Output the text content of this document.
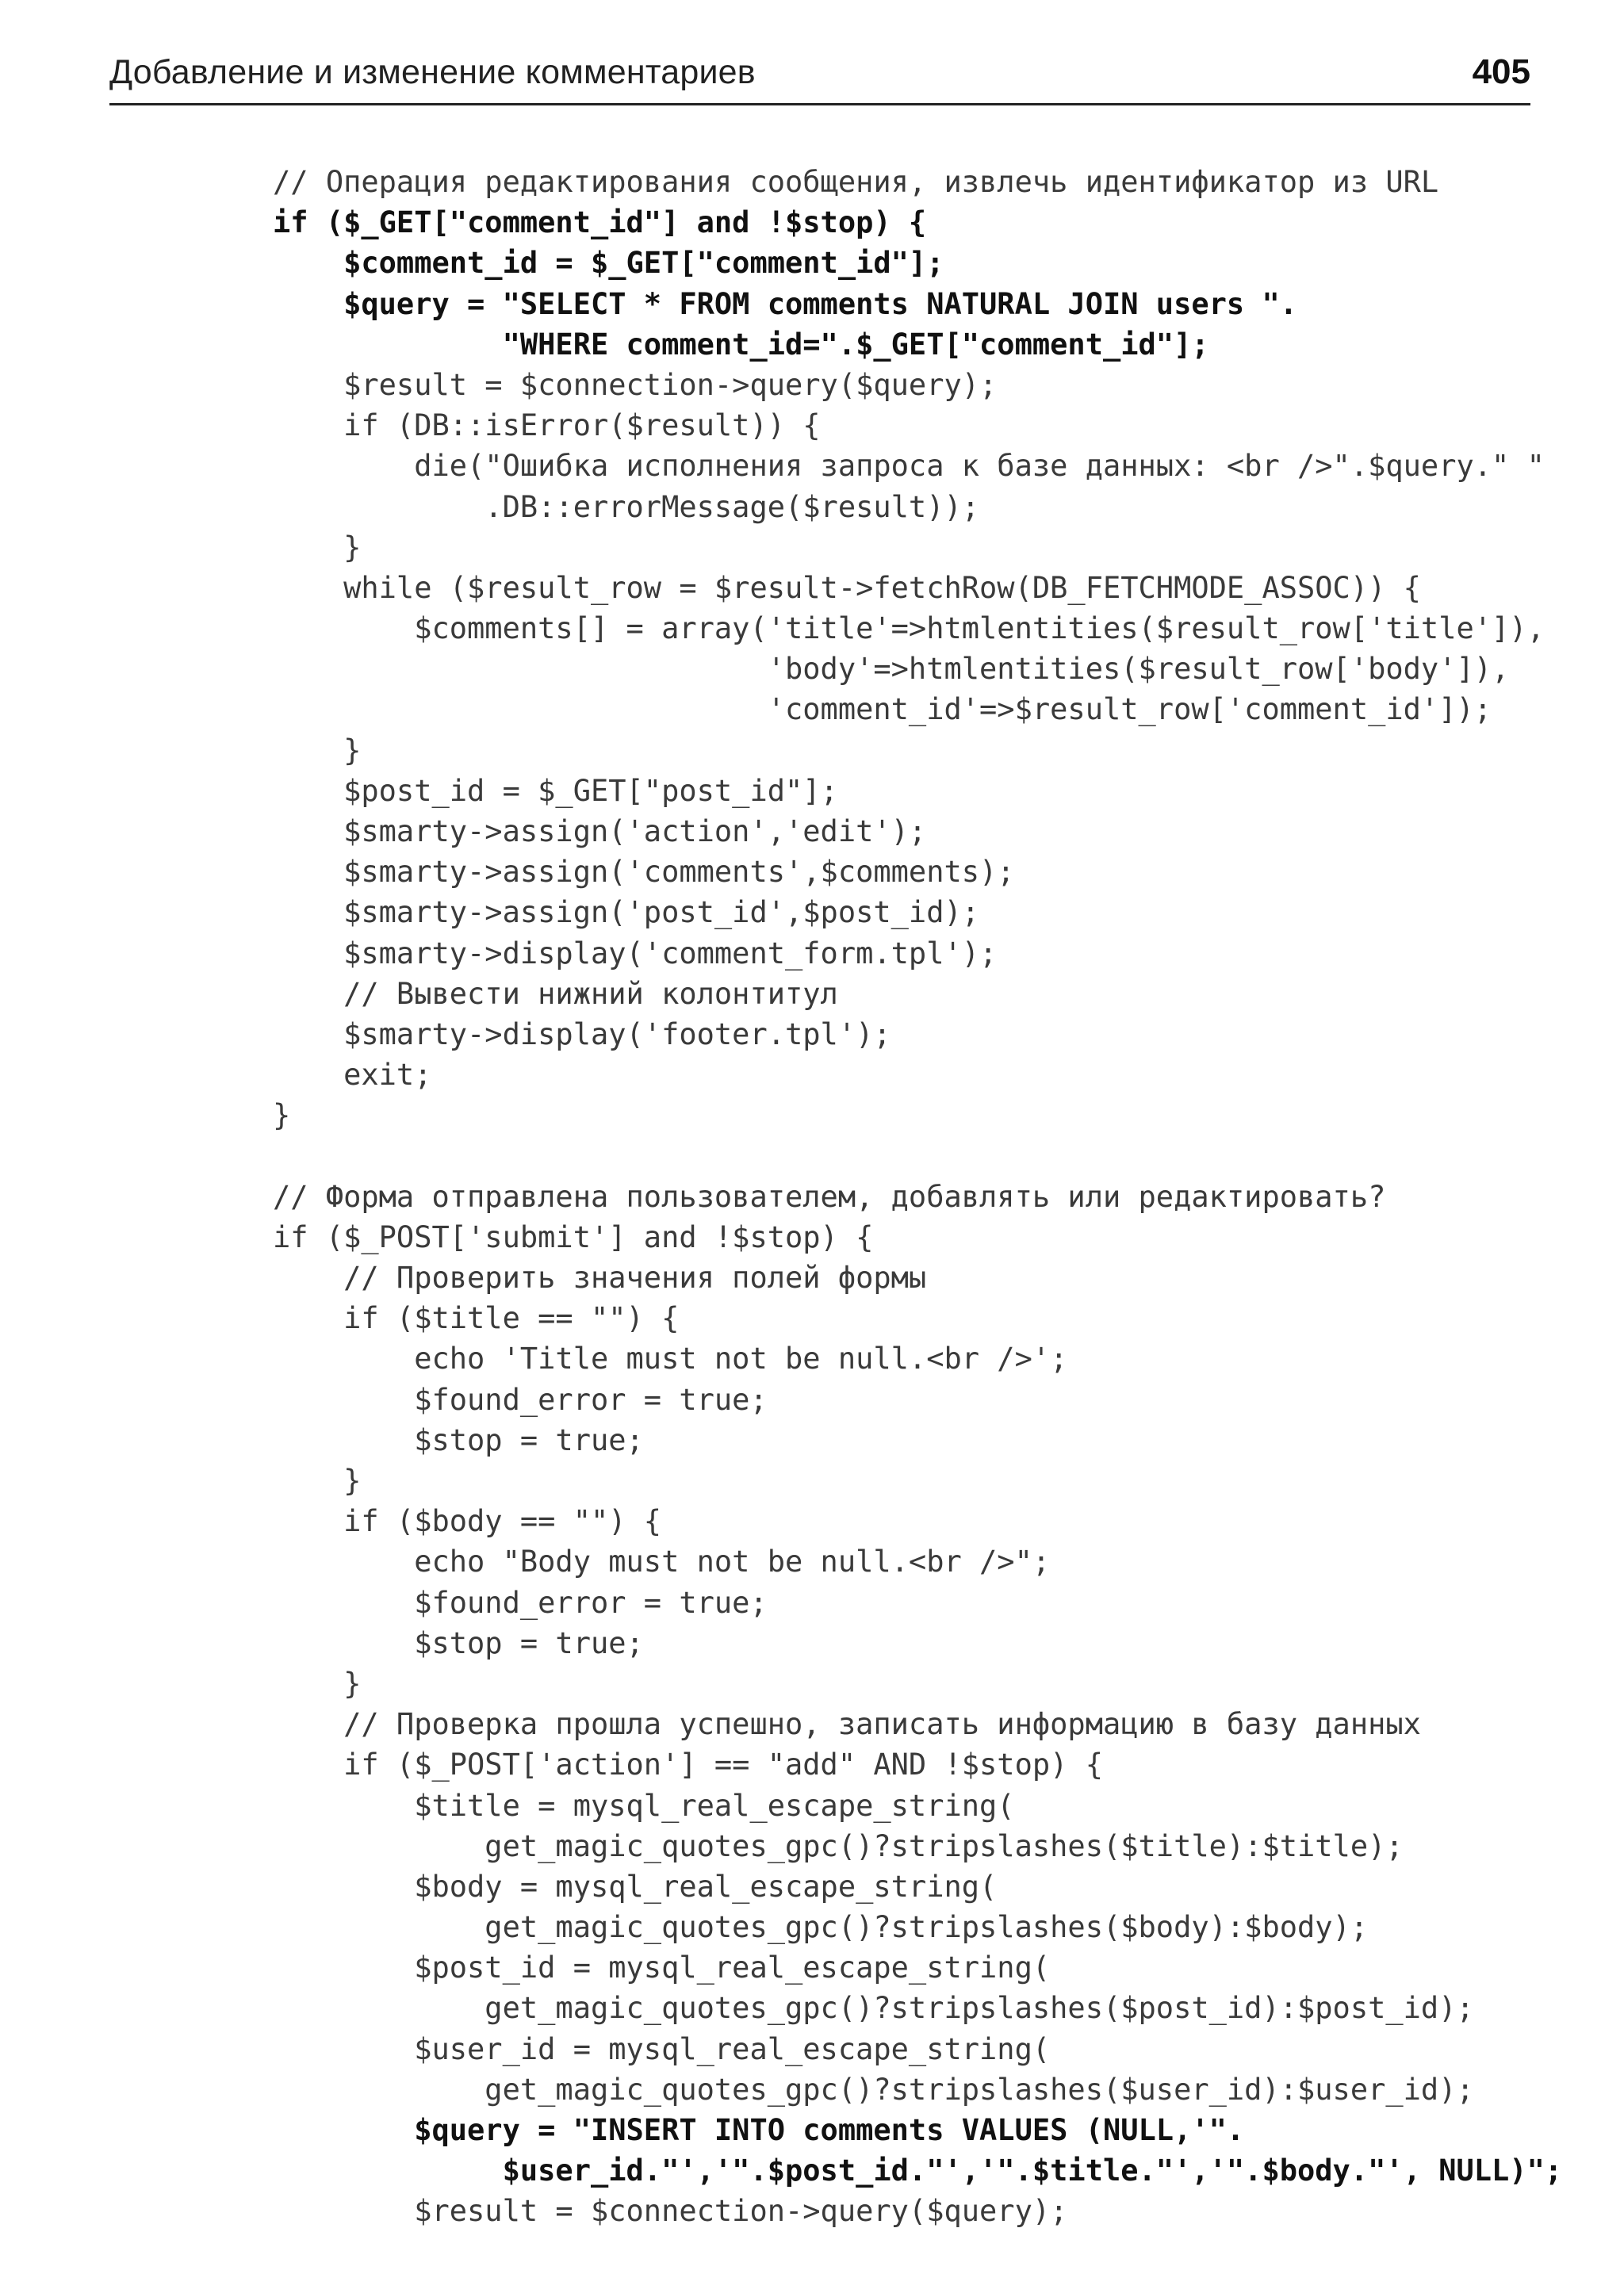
Добавление и изменение комментариев	405
// Операция редактирования сообщения, извлечь идентификатор из URL
if ($_GET["comment_id"] and !$stop) {
$comment_id = $_GET["comment_id"];
$query = "SELECT * FROM comments NATURAL JOIN users ".
"WHERE comment_id=".$_GET["comment_id"];
$result = $connection->query($query);
if (DB::isError($result)) {
die("Ошибка исполнения запроса к базе данных: <br />".$query." "
.DB::errorMessage($result));
}
while ($result_row = $result->fetchRow(DB_FETCHMODE_ASSOC)) {
$comments[] = array('title'=>htmlentities($result_row['title']),
'body'=>htmlentities($result_row['body']),
'comment_id'=>$result_row['comment_id']);
}
$post_id = $_GET["post_id"];
$smarty->assign('action','edit');
$smarty->assign('comments',$comments);
$smarty->assign('post_id',$post_id);
$smarty->display('comment_form.tpl');
// Вывести нижний колонтитул
$smarty->display('footer.tpl');
exit;
}
// Форма отправлена пользователем, добавлять или редактировать?
if ($_POST['submit'] and !$stop) {
// Проверить значения полей формы
if ($title == "") {
echo 'Title must not be null.<br />';
$found_error = true;
$stop = true;
}
if ($body == "") {
echo "Body must not be null.<br />";
$found_error = true;
$stop = true;
}
// Проверка прошла успешно, записать информацию в базу данных
if ($_POST['action'] == "add" AND !$stop) {
$title = mysql_real_escape_string(
get_magic_quotes_gpc()?stripslashes($title):$title);
$body = mysql_real_escape_string(
get_magic_quotes_gpc()?stripslashes($body):$body);
$post_id = mysql_real_escape_string(
get_magic_quotes_gpc()?stripslashes($post_id):$post_id);
$user_id = mysql_real_escape_string(
get_magic_quotes_gpc()?stripslashes($user_id):$user_id);
$query = "INSERT INTO comments VALUES (NULL,'".
$user_id."','".$post_id."','".$title."','".$body."', NULL)";
$result = $connection->query($query);
